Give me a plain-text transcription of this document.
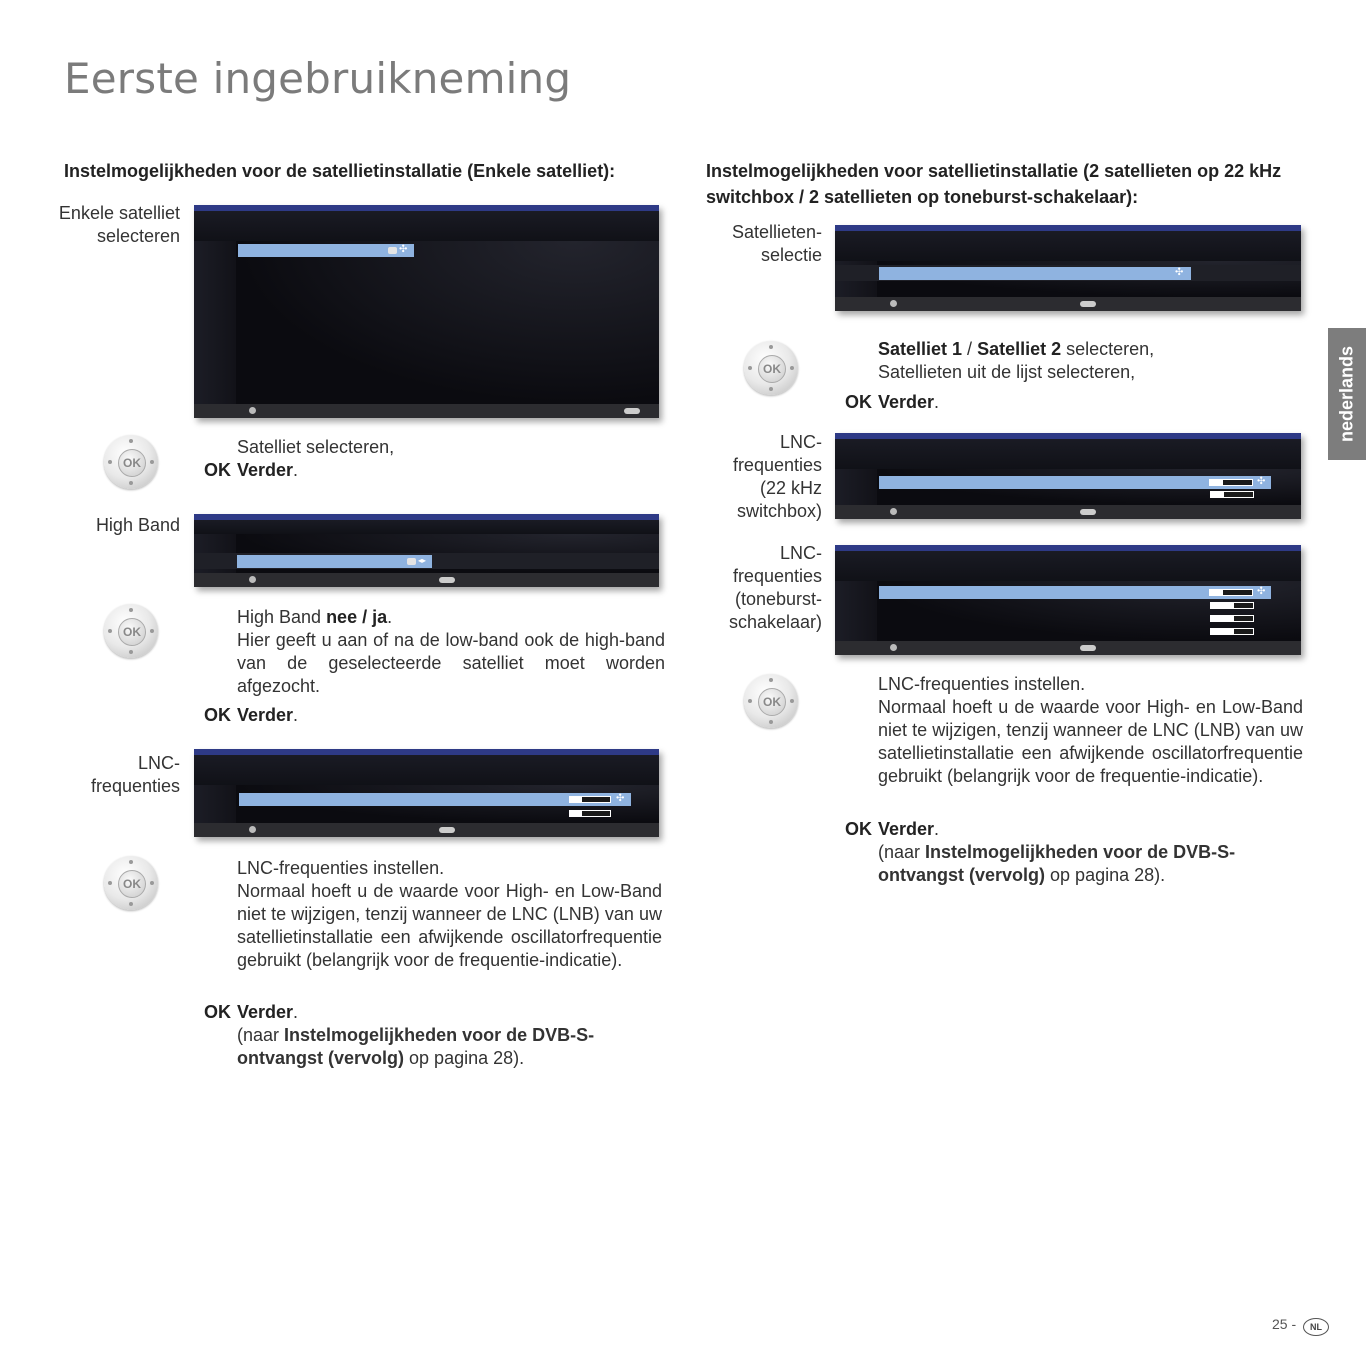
Eerste ingebruikneming
nederlands
Instelmogelijkheden voor de satellietinstallatie (Enkele satelliet):
Enkele satelliet
selecteren
✣
OK
Satelliet selecteren,
OK Verder.
High Band
◂▸
OK
High Band nee / ja.
Hier geeft u aan of na de low-band ook de high-band van de geselecteerde satelliet moet worden afgezocht.
OK Verder.
LNC-
frequenties
✣
OK
LNC-frequenties instellen.
Normaal hoeft u de waarde voor High- en Low-Band niet te wijzigen, tenzij wanneer de LNC (LNB) van uw satellietinstallatie een afwijkende oscillatorfrequentie gebruikt (belangrijk voor de frequentie-indicatie).
OK Verder.
(naar Instelmogelijkheden voor de DVB-S-ontvangst (vervolg) op pagina 28).
Instelmogelijkheden voor satellietinstallatie (2 satellieten op 22 kHz switchbox / 2 satellieten op toneburst-schakelaar):
Satellieten-
selectie
✣
OK
Satelliet 1 / Satelliet 2 selecteren,
Satellieten uit de lijst selecteren,
OK Verder.
LNC-
frequenties
(22 kHz
switchbox)
✣
LNC-
frequenties
(toneburst-
schakelaar)
✣
OK
LNC-frequenties instellen.
Normaal hoeft u de waarde voor High- en Low-Band niet te wijzigen, tenzij wanneer de LNC (LNB) van uw satellietinstallatie een afwijkende oscillatorfrequentie gebruikt (belangrijk voor de frequentie-indicatie).
OK Verder.
(naar Instelmogelijkheden voor de DVB-S-ontvangst (vervolg) op pagina 28).
25 -	NL
